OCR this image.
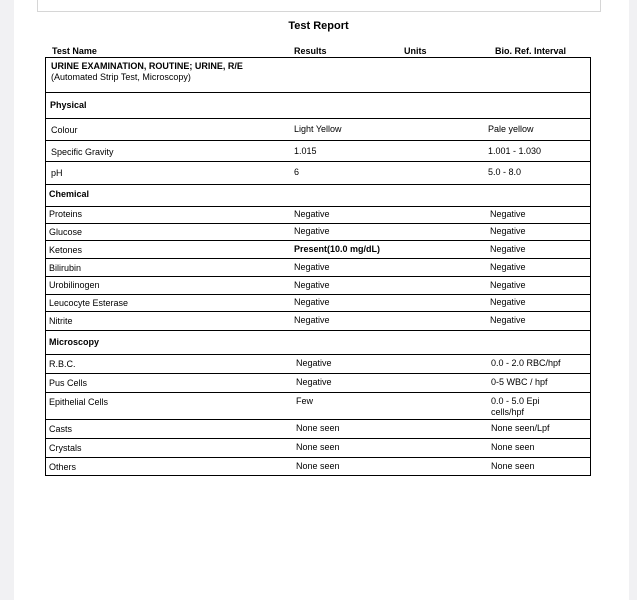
Test Report
Test Name	Results	Units	Bio. Ref. Interval
URINE EXAMINATION, ROUTINE; URINE, R/E
(Automated Strip Test, Microscopy)
Physical
Chemical
Microscopy
Colour	Light Yellow	Pale yellow
Specific Gravity	1.015	1.001 - 1.030
pH	6	5.0 - 8.0
Proteins	Negative	Negative
Glucose	Negative	Negative
Ketones	Present(10.0 mg/dL)	Negative
Bilirubin	Negative	Negative
Urobilinogen	Negative	Negative
Leucocyte Esterase	Negative	Negative
Nitrite	Negative	Negative
R.B.C.	Negative	0.0 - 2.0 RBC/hpf
Pus Cells	Negative	0-5 WBC / hpf
Epithelial Cells	Few	0.0 - 5.0 Epi cells/hpf
Casts	None seen	None seen/Lpf
Crystals	None seen	None seen
Others	None seen	None seen
